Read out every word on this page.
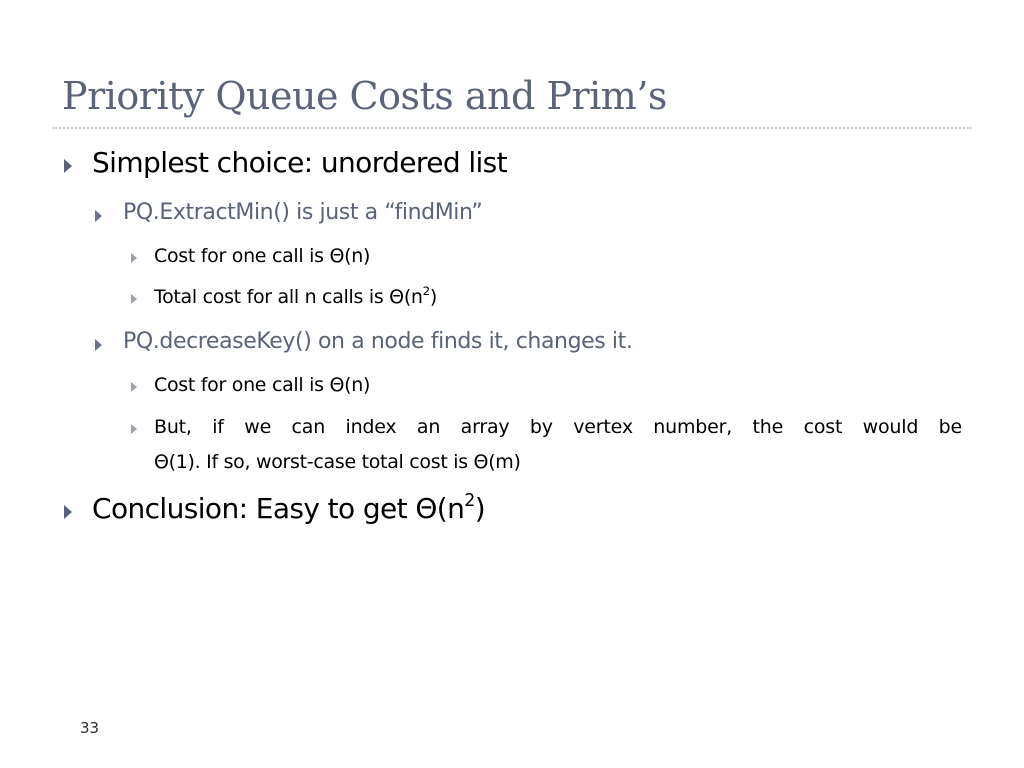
Priority Queue Costs and Prim’s
Simplest choice: unordered list
PQ.ExtractMin() is just a “findMin”
Cost for one call is Θ(n)
Total cost for all n calls is $\Theta(n^2)$
PQ.decreaseKey() on a node finds it, changes it.
Cost for one call is Θ(n)
But, if we can index an array by vertex number, the cost would be
Θ(1). If so, worst-case total cost is Θ(m)
Conclusion: Easy to get $\Theta(n^2)$
33
